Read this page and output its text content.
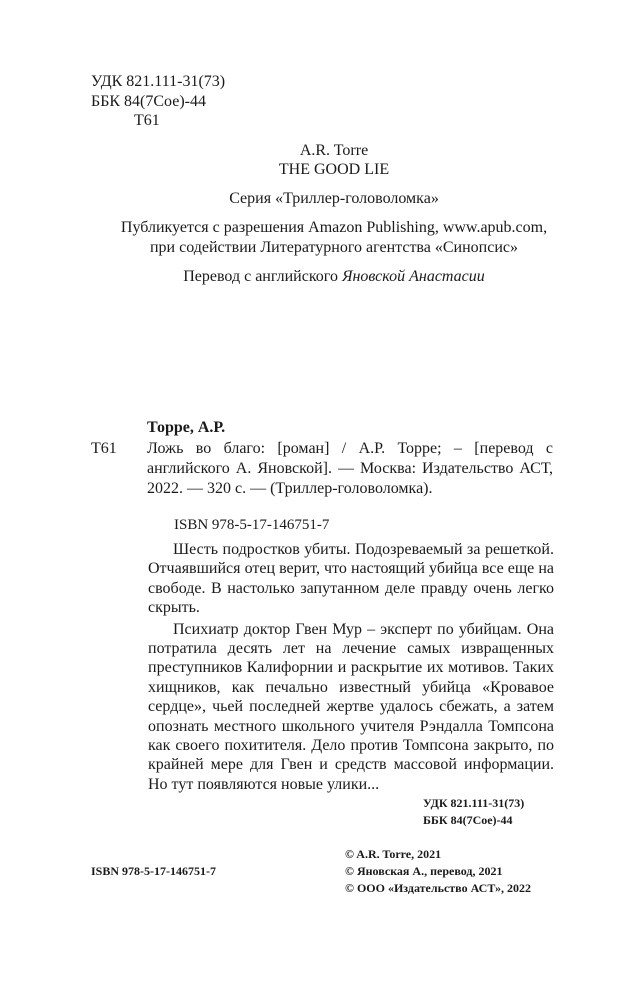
УДК 821.111-31(73)
ББК 84(7Сое)-44
Т61
A.R. Torre
THE GOOD LIE
Серия «Триллер-головоломка»
Публикуется с разрешения Amazon Publishing, www.apub.com,
при содействии Литературного агентства «Синопсис»
Перевод с английского Яновской Анастасии
Торре, А.Р.
Т61 Ложь во благо: [роман] / А.Р. Торре; – [перевод с английского А. Яновской]. — Москва: Издательство АСТ, 2022. — 320 с. — (Триллер-головоломка).
ISBN 978-5-17-146751-7

Шесть подростков убиты. Подозреваемый за решеткой. Отчаявшийся отец верит, что настоящий убийца все еще на свободе. В настолько запутанном деле правду очень легко скрыть.

Психиатр доктор Гвен Мур – эксперт по убийцам. Она потратила десять лет на лечение самых извращенных преступников Калифорнии и раскрытие их мотивов. Таких хищников, как печально известный убийца «Кровавое сердце», чьей последней жертве удалось сбежать, а затем опознать местного школьного учителя Рэндалла Томпсона как своего похитителя. Дело против Томпсона закрыто, по крайней мере для Гвен и средств массовой информации. Но тут появляются новые улики...

УДК 821.111-31(73)
ББК 84(7Сое)-44
© A.R. Torre, 2021
© Яновская А., перевод, 2021
© ООО «Издательство АСТ», 2022
ISBN 978-5-17-146751-7
